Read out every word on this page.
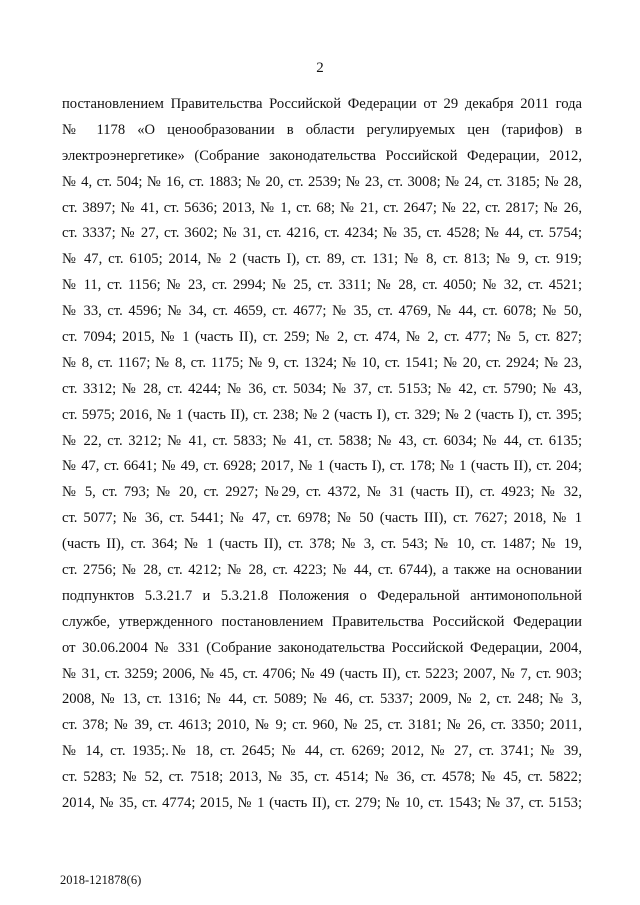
2
постановлением Правительства Российской Федерации от 29 декабря 2011 года
№ 1178 «О ценообразовании в области регулируемых цен (тарифов) в
электроэнергетике» (Собрание законодательства Российской Федерации, 2012,
№ 4, ст. 504; № 16, ст. 1883; № 20, ст. 2539; № 23, ст. 3008; № 24, ст. 3185; № 28,
ст. 3897; № 41, ст. 5636; 2013, № 1, ст. 68; № 21, ст. 2647; № 22, ст. 2817; № 26,
ст. 3337; № 27, ст. 3602; № 31, ст. 4216, ст. 4234; № 35, ст. 4528; № 44, ст. 5754;
№ 47, ст. 6105; 2014, № 2 (часть I), ст. 89, ст. 131; № 8, ст. 813; № 9, ст. 919;
№ 11, ст. 1156; № 23, ст. 2994; № 25, ст. 3311; № 28, ст. 4050; № 32, ст. 4521;
№ 33, ст. 4596; № 34, ст. 4659, ст. 4677; № 35, ст. 4769, № 44, ст. 6078; № 50,
ст. 7094; 2015, № 1 (часть II), ст. 259; № 2, ст. 474, № 2, ст. 477; № 5, ст. 827;
№ 8, ст. 1167; № 8, ст. 1175; № 9, ст. 1324; № 10, ст. 1541; № 20, ст. 2924; № 23,
ст. 3312; № 28, ст. 4244; № 36, ст. 5034; № 37, ст. 5153; № 42, ст. 5790; № 43,
ст. 5975; 2016, № 1 (часть II), ст. 238; № 2 (часть I), ст. 329; № 2 (часть I), ст. 395;
№ 22, ст. 3212; № 41, ст. 5833; № 41, ст. 5838; № 43, ст. 6034; № 44, ст. 6135;
№ 47, ст. 6641; № 49, ст. 6928; 2017, № 1 (часть I), ст. 178; № 1 (часть II), ст. 204;
№ 5, ст. 793; № 20, ст. 2927; №29, ст. 4372, № 31 (часть II), ст. 4923; № 32,
ст. 5077; № 36, ст. 5441; № 47, ст. 6978; № 50 (часть III), ст. 7627; 2018, № 1
(часть II), ст. 364; № 1 (часть II), ст. 378; № 3, ст. 543; № 10, ст. 1487; № 19,
ст. 2756; № 28, ст. 4212; № 28, ст. 4223; № 44, ст. 6744), а также на основании
подпунктов 5.3.21.7 и 5.3.21.8 Положения о Федеральной антимонопольной
службе, утвержденного постановлением Правительства Российской Федерации
от 30.06.2004 № 331 (Собрание законодательства Российской Федерации, 2004,
№ 31, ст. 3259; 2006, № 45, ст. 4706; № 49 (часть II), ст. 5223; 2007, № 7, ст. 903;
2008, № 13, ст. 1316; № 44, ст. 5089; № 46, ст. 5337; 2009, № 2, ст. 248; № 3,
ст. 378; № 39, ст. 4613; 2010, № 9; ст. 960, № 25, ст. 3181; № 26, ст. 3350; 2011,
№ 14, ст. 1935;.№ 18, ст. 2645; № 44, ст. 6269; 2012, № 27, ст. 3741; № 39,
ст. 5283; № 52, ст. 7518; 2013, № 35, ст. 4514; № 36, ст. 4578; № 45, ст. 5822;
2014, № 35, ст. 4774; 2015, № 1 (часть II), ст. 279; № 10, ст. 1543; № 37, ст. 5153;
2018-121878(6)
